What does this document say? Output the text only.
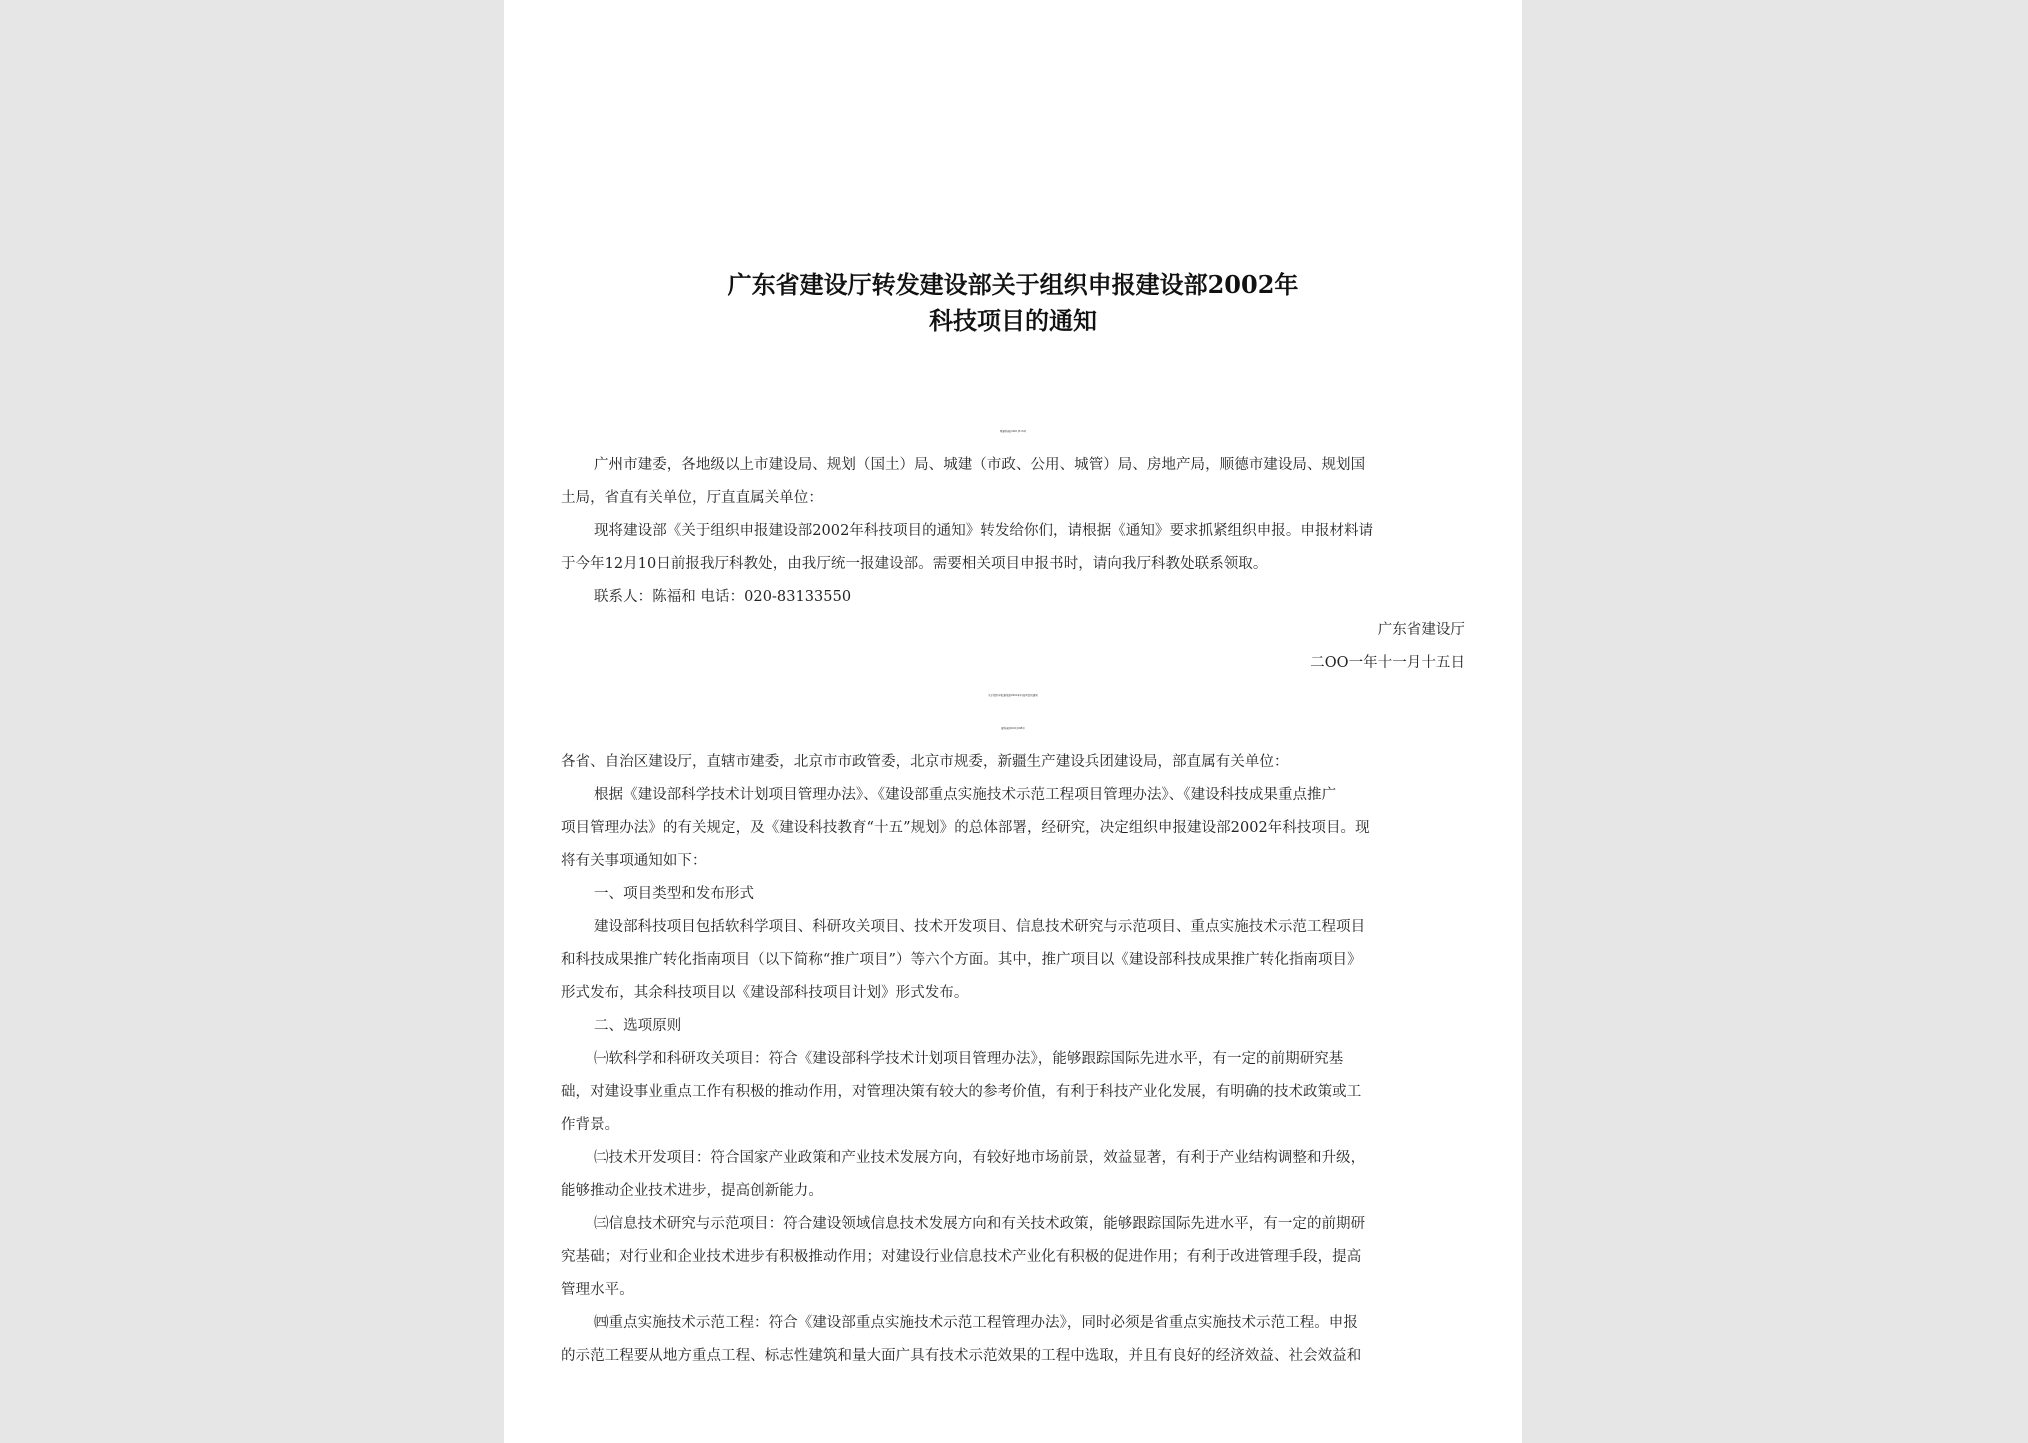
广东省建设厅转发建设部关于组织申报建设部2002年
科技项目的通知

粤建科函[2001]516号

广州市建委，各地级以上市建设局、规划（国土）局、城建（市政、公用、城管）局、房地产局，顺德市建设局、规划国

土局，省直有关单位，厅直直属关单位：

现将建设部《关于组织申报建设部2002年科技项目的通知》转发给你们，请根据《通知》要求抓紧组织申报。申报材料请

于今年12月10日前报我厅科教处，由我厅统一报建设部。需要相关项目申报书时，请向我厅科教处联系领取。

联系人：陈福和 电话：020-83133550

广东省建设厅

二OO一年十一月十五日

关于组织申报建设部2002年科技项目的通知

建科函[2001]298号

各省、自治区建设厅，直辖市建委，北京市市政管委，北京市规委，新疆生产建设兵团建设局，部直属有关单位：

根据《建设部科学技术计划项目管理办法》、《建设部重点实施技术示范工程项目管理办法》、《建设科技成果重点推广

项目管理办法》的有关规定，及《建设科技教育“十五”规划》的总体部署，经研究，决定组织申报建设部2002年科技项目。现

将有关事项通知如下：

一、项目类型和发布形式

建设部科技项目包括软科学项目、科研攻关项目、技术开发项目、信息技术研究与示范项目、重点实施技术示范工程项目

和科技成果推广转化指南项目（以下简称“推广项目”）等六个方面。其中，推广项目以《建设部科技成果推广转化指南项目》

形式发布，其余科技项目以《建设部科技项目计划》形式发布。

二、选项原则

㈠软科学和科研攻关项目：符合《建设部科学技术计划项目管理办法》，能够跟踪国际先进水平，有一定的前期研究基

础，对建设事业重点工作有积极的推动作用，对管理决策有较大的参考价值，有利于科技产业化发展，有明确的技术政策或工

作背景。

㈡技术开发项目：符合国家产业政策和产业技术发展方向，有较好地市场前景，效益显著，有利于产业结构调整和升级，

能够推动企业技术进步，提高创新能力。

㈢信息技术研究与示范项目：符合建设领域信息技术发展方向和有关技术政策，能够跟踪国际先进水平，有一定的前期研

究基础；对行业和企业技术进步有积极推动作用；对建设行业信息技术产业化有积极的促进作用；有利于改进管理手段，提高

管理水平。

㈣重点实施技术示范工程：符合《建设部重点实施技术示范工程管理办法》，同时必须是省重点实施技术示范工程。申报

的示范工程要从地方重点工程、标志性建筑和量大面广具有技术示范效果的工程中选取，并且有良好的经济效益、社会效益和
